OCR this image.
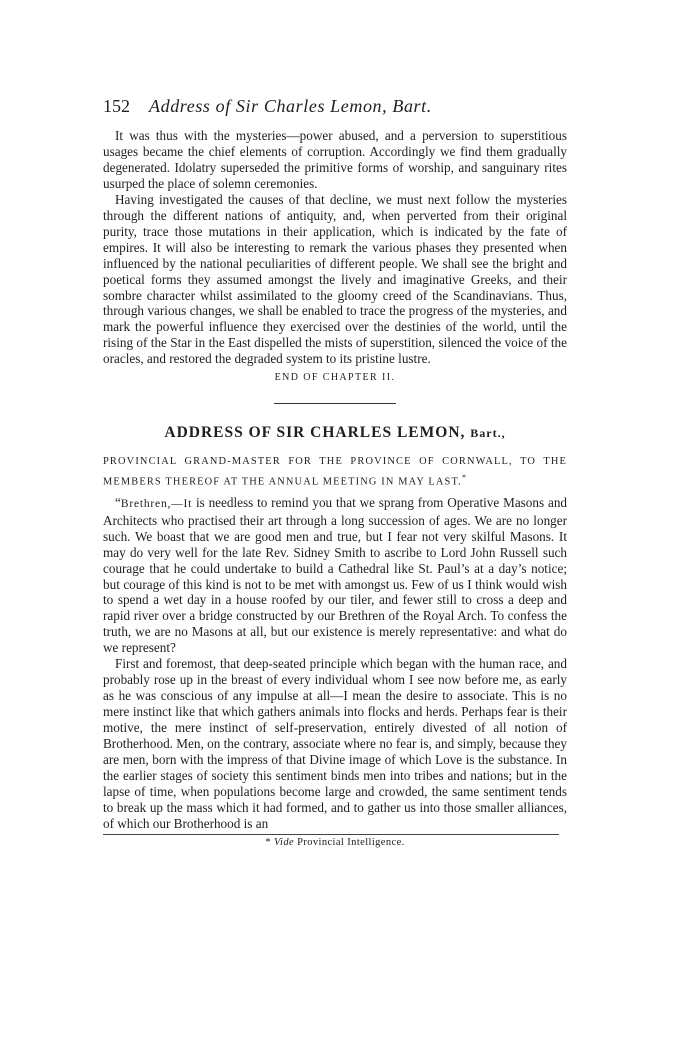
152	Address of Sir Charles Lemon, Bart.

It was thus with the mysteries—power abused, and a perversion to superstitious usages became the chief elements of corruption. Accordingly we find them gradually degenerated. Idolatry superseded the primitive forms of worship, and sanguinary rites usurped the place of solemn ceremonies.

Having investigated the causes of that decline, we must next follow the mysteries through the different nations of antiquity, and, when perverted from their original purity, trace those mutations in their application, which is indicated by the fate of empires. It will also be interesting to remark the various phases they presented when influenced by the national peculiarities of different people. We shall see the bright and poetical forms they assumed amongst the lively and imaginative Greeks, and their sombre character whilst assimilated to the gloomy creed of the Scandinavians. Thus, through various changes, we shall be enabled to trace the progress of the mysteries, and mark the powerful influence they exercised over the destinies of the world, until the rising of the Star in the East dispelled the mists of superstition, silenced the voice of the oracles, and restored the degraded system to its pristine lustre.

END OF CHAPTER II.

ADDRESS OF SIR CHARLES LEMON, Bart.,

PROVINCIAL GRAND-MASTER FOR THE PROVINCE OF CORNWALL, TO THE MEMBERS THEREOF AT THE ANNUAL MEETING IN MAY LAST.*

“Brethren,—It is needless to remind you that we sprang from Operative Masons and Architects who practised their art through a long succession of ages. We are no longer such. We boast that we are good men and true, but I fear not very skilful Masons. It may do very well for the late Rev. Sidney Smith to ascribe to Lord John Russell such courage that he could undertake to build a Cathedral like St. Paul’s at a day’s notice; but courage of this kind is not to be met with amongst us. Few of us I think would wish to spend a wet day in a house roofed by our tiler, and fewer still to cross a deep and rapid river over a bridge constructed by our Brethren of the Royal Arch. To confess the truth, we are no Masons at all, but our existence is merely representative: and what do we represent?

First and foremost, that deep-seated principle which began with the human race, and probably rose up in the breast of every individual whom I see now before me, as early as he was conscious of any impulse at all—I mean the desire to associate. This is no mere instinct like that which gathers animals into flocks and herds. Perhaps fear is their motive, the mere instinct of self-preservation, entirely divested of all notion of Brotherhood. Men, on the contrary, associate where no fear is, and simply, because they are men, born with the impress of that Divine image of which Love is the substance. In the earlier stages of society this sentiment binds men into tribes and nations; but in the lapse of time, when populations become large and crowded, the same sentiment tends to break up the mass which it had formed, and to gather us into those smaller alliances, of which our Brotherhood is an

* Vide Provincial Intelligence.
